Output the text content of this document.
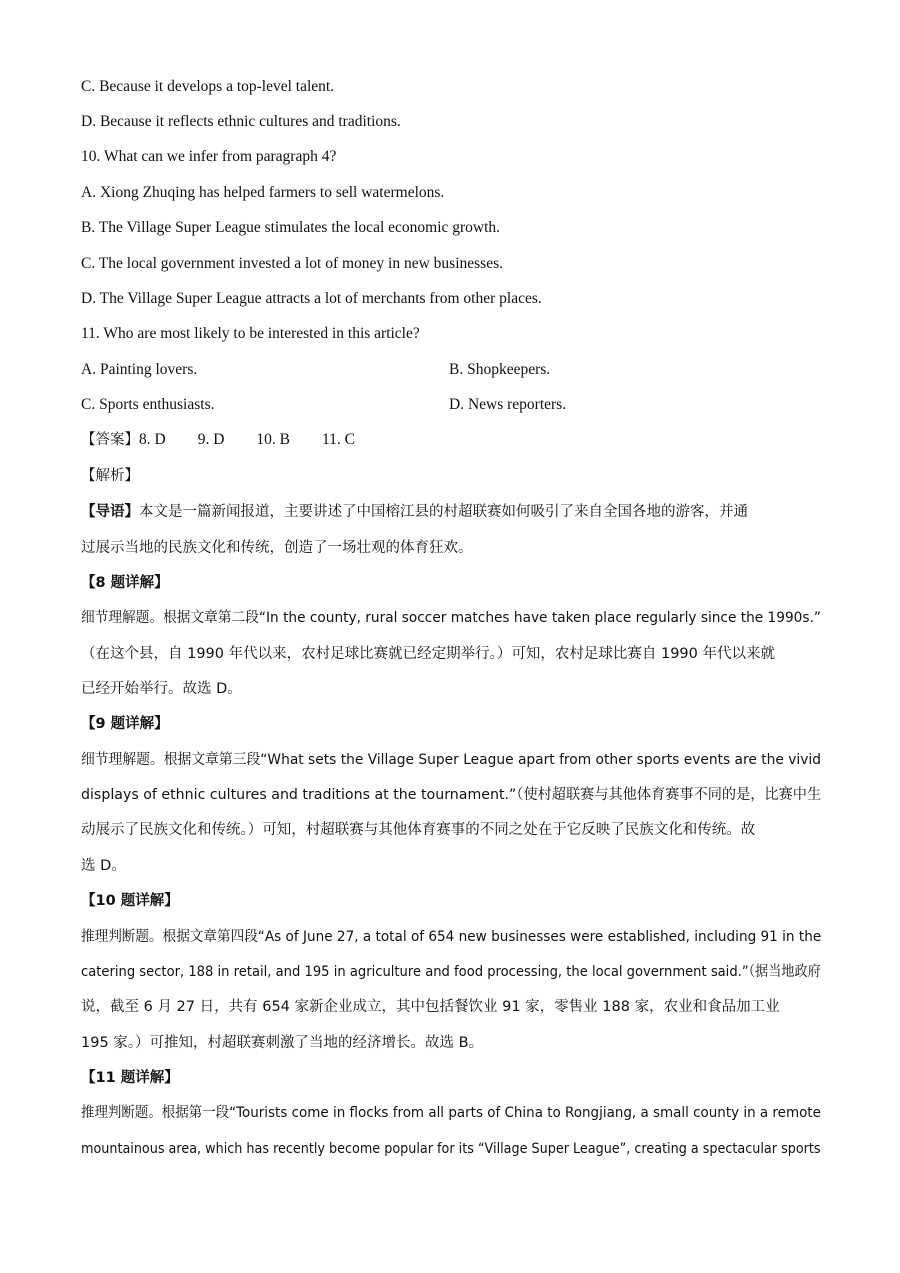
C. Because it develops a top-level talent.
D. Because it reflects ethnic cultures and traditions.
10. What can we infer from paragraph 4?
A. Xiong Zhuqing has helped farmers to sell watermelons.
B. The Village Super League stimulates the local economic growth.
C. The local government invested a lot of money in new businesses.
D. The Village Super League attracts a lot of merchants from other places.
11. Who are most likely to be interested in this article?
A. Painting lovers.	B. Shopkeepers.
C. Sports enthusiasts.	D. News reporters.
【答案】8. D 9. D 10. B 11. C
【解析】
【导语】本文是一篇新闻报道，主要讲述了中国榕江县的村超联赛如何吸引了来自全国各地的游客，并通
过展示当地的民族文化和传统，创造了一场壮观的体育狂欢。
【8 题详解】
细节理解题。根据文章第二段“In the county, rural soccer matches have taken place regularly since the 1990s.”
（在这个县，自 1990 年代以来，农村足球比赛就已经定期举行。）可知，农村足球比赛自 1990 年代以来就
已经开始举行。故选 D。
【9 题详解】
细节理解题。根据文章第三段“What sets the Village Super League apart from other sports events are the vivid
displays of ethnic cultures and traditions at the tournament.”（使村超联赛与其他体育赛事不同的是，比赛中生
动展示了民族文化和传统。）可知，村超联赛与其他体育赛事的不同之处在于它反映了民族文化和传统。故
选 D。
【10 题详解】
推理判断题。根据文章第四段“As of June 27, a total of 654 new businesses were established, including 91 in the
catering sector, 188 in retail, and 195 in agriculture and food processing, the local government said.”（据当地政府
说，截至 6 月 27 日，共有 654 家新企业成立，其中包括餐饮业 91 家，零售业 188 家，农业和食品加工业
195 家。）可推知，村超联赛刺激了当地的经济增长。故选 B。
【11 题详解】
推理判断题。根据第一段“Tourists come in flocks from all parts of China to Rongjiang, a small county in a remote
mountainous area, which has recently become popular for its “Village Super League”, creating a spectacular sports
